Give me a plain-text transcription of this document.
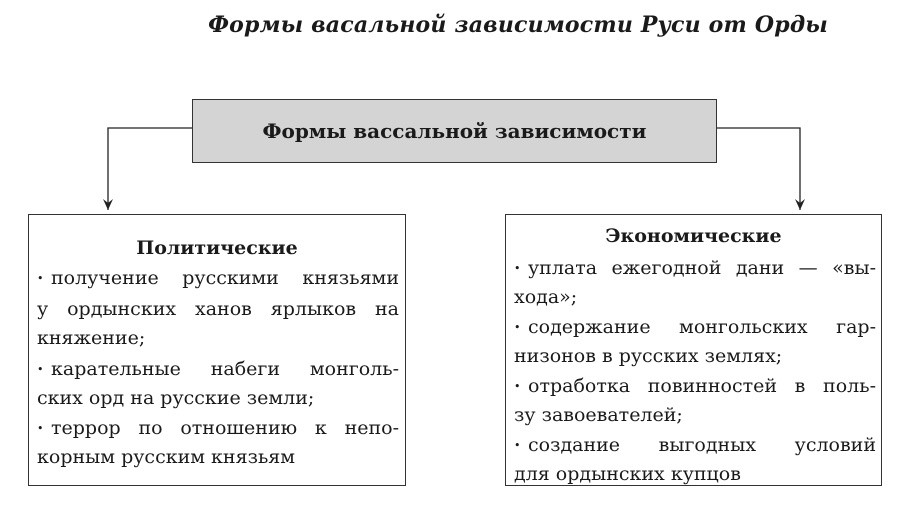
Формы васальной зависимости Руси от Орды
Формы вассальной зависимости
Политические
• получение русскими князьями
у ордынских ханов ярлыков на
княжение;
• карательные набеги монголь-
ских орд на русские земли;
• террор по отношению к непо-
корным русским князьям
Экономические
• уплата ежегодной дани — «вы-
хода»;
• содержание монгольских гар-
низонов в русских землях;
• отработка повинностей в поль-
зу завоевателей;
• создание выгодных условий
для ордынских купцов
